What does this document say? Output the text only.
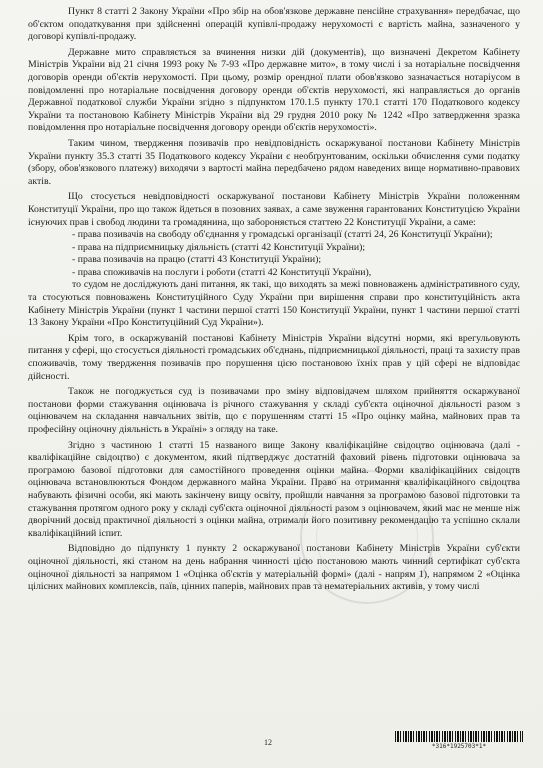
Пункт 8 статті 2 Закону України «Про збір на обов'язкове державне пенсійне страхування» передбачає, що об'єктом оподаткування при здійсненні операцій купівлі-продажу нерухомості є вартість майна, зазначеного у договорі купівлі-продажу.

Державне мито справляється за вчинення низки дій (документів), що визначені Декретом Кабінету Міністрів України від 21 січня 1993 року № 7-93 «Про державне мито», в тому числі і за нотаріальне посвідчення договорів оренди об'єктів нерухомості. При цьому, розмір орендної плати обов'язково зазначається нотаріусом в повідомленні про нотаріальне посвідчення договору оренди об'єктів нерухомості, які направляється до органів Державної податкової служби України згідно з підпунктом 170.1.5 пункту 170.1 статті 170 Податкового кодексу України та постановою Кабінету Міністрів України від 29 грудня 2010 року № 1242 «Про затвердження зразка повідомлення про нотаріальне посвідчення договору оренди об'єктів нерухомості».

Таким чином, твердження позивачів про невідповідність оскаржуваної постанови Кабінету Міністрів України пункту 35.3 статті 35 Податкового кодексу України є необґрунтованим, оскільки обчислення суми податку (збору, обов'язкового платежу) виходячи з вартості майна передбачено рядом наведених вище нормативно-правових актів.

Що стосується невідповідності оскаржуваної постанови Кабінету Міністрів України положенням Конституції України, про що також йдеться в позовних заявах, а саме звуження гарантованих Конституцією України існуючих прав і свобод людини та громадянина, що забороняється статтею 22 Конституції України, а саме:

- права позивачів на свободу об'єднання у громадські організації (статті 24, 26 Конституції України);

- права на підприємницьку діяльність (статті 42 Конституції України);

- права позивачів на працю (статті 43 Конституції України);

- права споживачів на послуги і роботи (статті 42 Конституції України),

то судом не досліджують дані питання, як такі, що виходять за межі повноважень адміністративного суду, та стосуються повноважень Конституційного Суду України при вирішення справи про конституційність акта Кабінету Міністрів України (пункт 1 частини першої статті 150 Конституції України, пункт 1 частини першої статті 13 Закону України «Про Конституційний Суд України»).

Крім того, в оскаржуваній постанові Кабінету Міністрів України відсутні норми, які врегульовують питання у сфері, що стосується діяльності громадських об'єднань, підприємницької діяльності, праці та захисту прав споживачів, тому твердження позивачів про порушення цією постановою їхніх прав у цій сфері не відповідає дійсності.

Також не погоджується суд із позивачами про зміну відповідачем шляхом прийняття оскаржуваної постанови форми стажування оцінювача із річного стажування у складі суб'єкта оціночної діяльності разом з оцінювачем на складання навчальних звітів, що є порушенням статті 15 «Про оцінку майна, майнових прав та професійну оціночну діяльність в Україні» з огляду на таке.

Згідно з частиною 1 статті 15 названого вище Закону кваліфікаційне свідоцтво оцінювача (далі - кваліфікаційне свідоцтво) є документом, який підтверджує достатній фаховий рівень підготовки оцінювача за програмою базової підготовки для самостійного проведення оцінки майна. Форми кваліфікаційних свідоцтв оцінювача встановлюються Фондом державного майна України. Право на отримання кваліфікаційного свідоцтва набувають фізичні особи, які мають закінчену вищу освіту, пройшли навчання за програмою базової підготовки та стажування протягом одного року у складі суб'єкта оціночної діяльності разом з оцінювачем, який має не менше ніж дворічний досвід практичної діяльності з оцінки майна, отримали його позитивну рекомендацію та успішно склали кваліфікаційний іспит.

Відповідно до підпункту 1 пункту 2 оскаржуваної постанови Кабінету Міністрів України суб'єкти оціночної діяльності, які станом на день набрання чинності цією постановою мають чинний сертифікат суб'єкта оціночної діяльності за напрямом 1 «Оцінка об'єктів у матеріальній формі» (далі - напрям 1), напрямом 2 «Оцінка цілісних майнових комплексів, паїв, цінних паперів, майнових прав та нематеріальних активів, у тому числі

12	*316*1925703*1*
